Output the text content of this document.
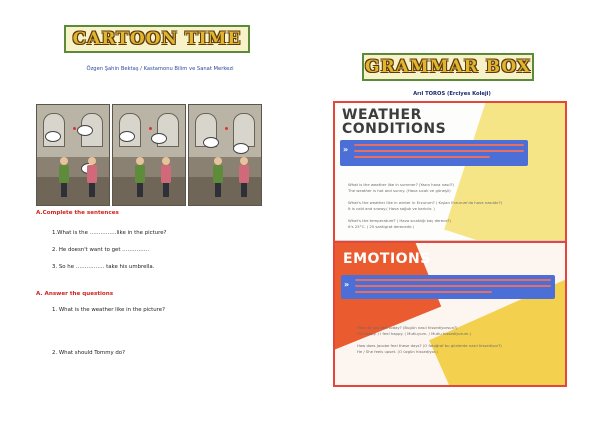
CARTOON TIME
Özgen Şahin Bektaş / Kastamonu Bilim ve Sanat Merkezi
A.Complete the sentences
1.What is the ……………like in the picture?
2. He doesn't want to get ……………
3. So he ……………. take his umbrella.
A. Answer the questions
1. What is the weather like in the picture?
2. What should Tommy do?
GRAMMAR BOX
Arıl TOROS (Erciyes Koleji)
WEATHER
CONDITIONS
»
What is the weather like in summer? (Yazın hava nasıl?)
The weather is hot and sunny. (Hava sıcak ve güneşli)
What's the weather like in winter in Erzurum? ( Kışları Erzurum'da hava nasıldır?)
It is cold and snowy.( Hava soğuk ve karlıdır. )
What's the temperature? ( Hava sıcaklığı kaç derece?)
It's 25°C. ( 25 santigrat derecedir.)
EMOTIONS
»
How do you feel today? (Bugün nasıl hissediyorsun?)
I'm happy. / I feel happy. ( Mutluyum. / Mutlu hissediyorum.)
How does Jacobe feel these days? (O fotoğraf bu günlerde nasıl hissediyor?)
He / She feels upset. (O üzgün hissediyor.)
